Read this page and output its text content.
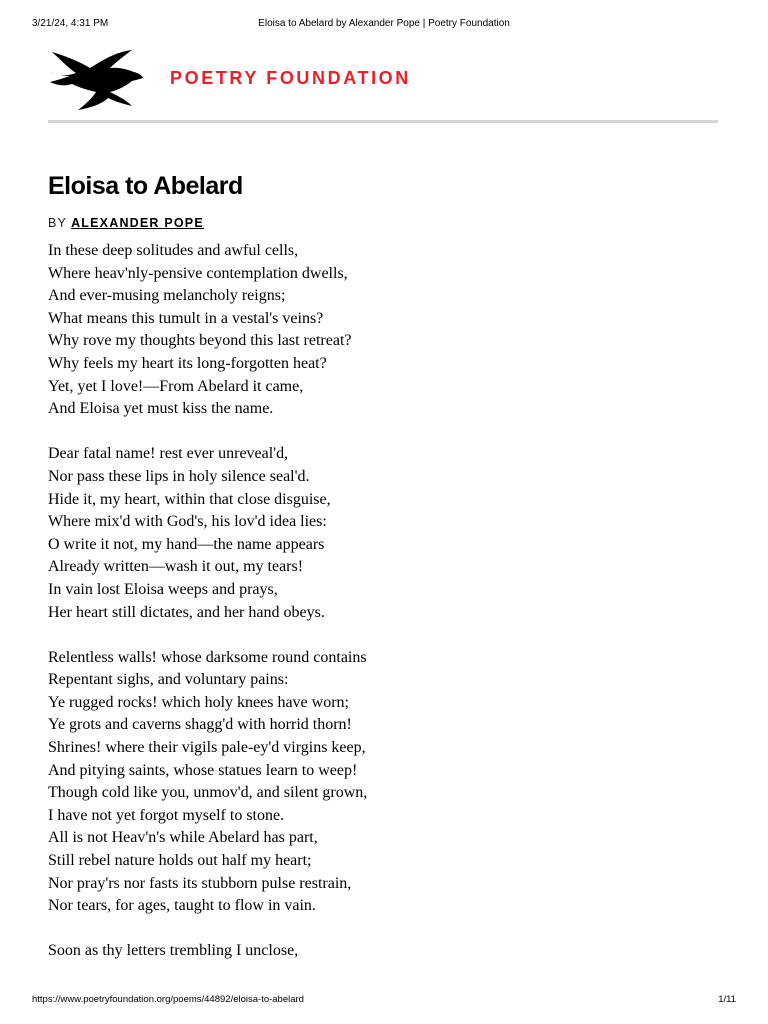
3/21/24, 4:31 PM	Eloisa to Abelard by Alexander Pope | Poetry Foundation
POETRY FOUNDATION
Eloisa to Abelard
BY ALEXANDER POPE
In these deep solitudes and awful cells,
Where heav'nly-pensive contemplation dwells,
And ever-musing melancholy reigns;
What means this tumult in a vestal's veins?
Why rove my thoughts beyond this last retreat?
Why feels my heart its long-forgotten heat?
Yet, yet I love!—From Abelard it came,
And Eloisa yet must kiss the name.
Dear fatal name! rest ever unreveal'd,
Nor pass these lips in holy silence seal'd.
Hide it, my heart, within that close disguise,
Where mix'd with God's, his lov'd idea lies:
O write it not, my hand—the name appears
Already written—wash it out, my tears!
In vain lost Eloisa weeps and prays,
Her heart still dictates, and her hand obeys.
Relentless walls! whose darksome round contains
Repentant sighs, and voluntary pains:
Ye rugged rocks! which holy knees have worn;
Ye grots and caverns shagg'd with horrid thorn!
Shrines! where their vigils pale-ey'd virgins keep,
And pitying saints, whose statues learn to weep!
Though cold like you, unmov'd, and silent grown,
I have not yet forgot myself to stone.
All is not Heav'n's while Abelard has part,
Still rebel nature holds out half my heart;
Nor pray'rs nor fasts its stubborn pulse restrain,
Nor tears, for ages, taught to flow in vain.
Soon as thy letters trembling I unclose,
https://www.poetryfoundation.org/poems/44892/eloisa-to-abelard	1/11
